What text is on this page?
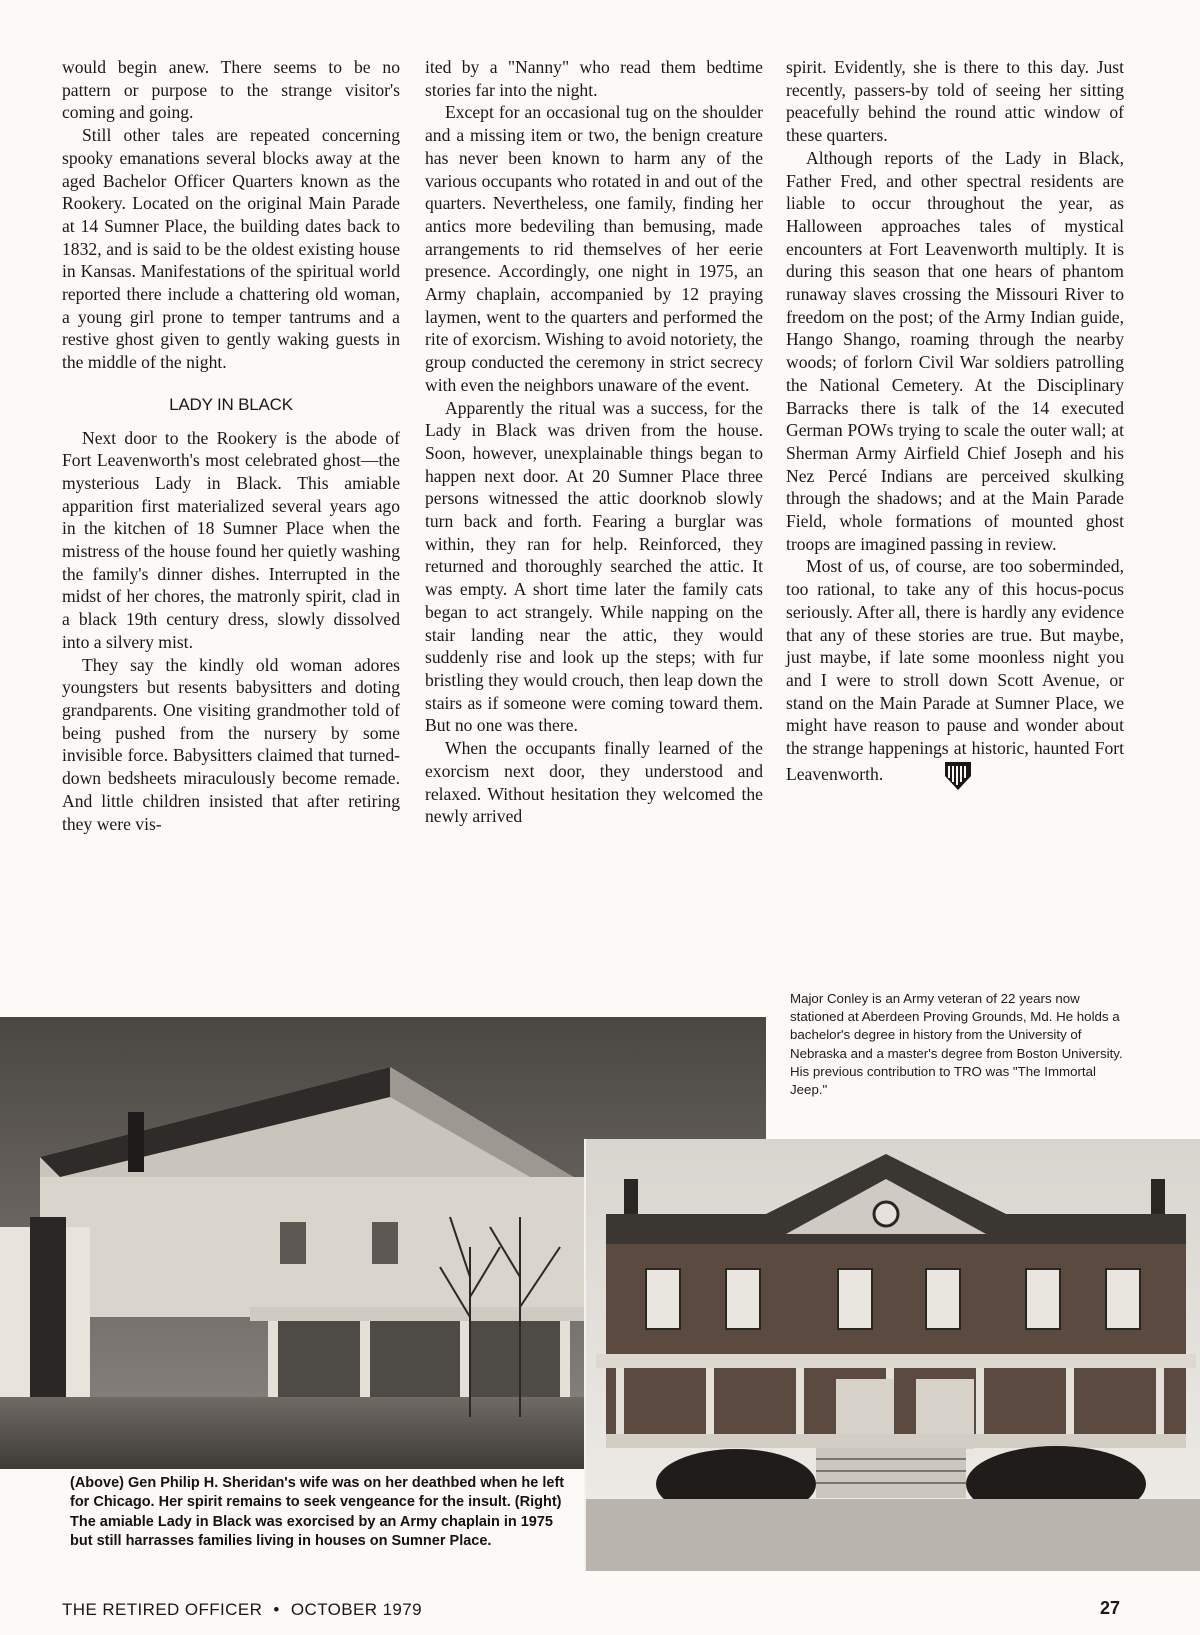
would begin anew. There seems to be no pattern or purpose to the strange visitor's coming and going.

Still other tales are repeated concerning spooky emanations several blocks away at the aged Bachelor Officer Quarters known as the Rookery. Located on the original Main Parade at 14 Sumner Place, the building dates back to 1832, and is said to be the oldest existing house in Kansas. Manifestations of the spiritual world reported there include a chattering old woman, a young girl prone to temper tantrums and a restive ghost given to gently waking guests in the middle of the night.

LADY IN BLACK

Next door to the Rookery is the abode of Fort Leavenworth's most celebrated ghost—the mysterious Lady in Black. This amiable apparition first materialized several years ago in the kitchen of 18 Sumner Place when the mistress of the house found her quietly washing the family's dinner dishes. Interrupted in the midst of her chores, the matronly spirit, clad in a black 19th century dress, slowly dissolved into a silvery mist.

They say the kindly old woman adores youngsters but resents babysitters and doting grandparents. One visiting grandmother told of being pushed from the nursery by some invisible force. Babysitters claimed that turned-down bedsheets miraculously become remade. And little children insisted that after retiring they were vis-

ited by a "Nanny" who read them bedtime stories far into the night.

Except for an occasional tug on the shoulder and a missing item or two, the benign creature has never been known to harm any of the various occupants who rotated in and out of the quarters. Nevertheless, one family, finding her antics more bedeviling than bemusing, made arrangements to rid themselves of her eerie presence. Accordingly, one night in 1975, an Army chaplain, accompanied by 12 praying laymen, went to the quarters and performed the rite of exorcism. Wishing to avoid notoriety, the group conducted the ceremony in strict secrecy with even the neighbors unaware of the event.

Apparently the ritual was a success, for the Lady in Black was driven from the house. Soon, however, unexplainable things began to happen next door. At 20 Sumner Place three persons witnessed the attic doorknob slowly turn back and forth. Fearing a burglar was within, they ran for help. Reinforced, they returned and thoroughly searched the attic. It was empty. A short time later the family cats began to act strangely. While napping on the stair landing near the attic, they would suddenly rise and look up the steps; with fur bristling they would crouch, then leap down the stairs as if someone were coming toward them. But no one was there.

When the occupants finally learned of the exorcism next door, they understood and relaxed. Without hesitation they welcomed the newly arrived

spirit. Evidently, she is there to this day. Just recently, passers-by told of seeing her sitting peacefully behind the round attic window of these quarters.

Although reports of the Lady in Black, Father Fred, and other spectral residents are liable to occur throughout the year, as Halloween approaches tales of mystical encounters at Fort Leavenworth multiply. It is during this season that one hears of phantom runaway slaves crossing the Missouri River to freedom on the post; of the Army Indian guide, Hango Shango, roaming through the nearby woods; of forlorn Civil War soldiers patrolling the National Cemetery. At the Disciplinary Barracks there is talk of the 14 executed German POWs trying to scale the outer wall; at Sherman Army Airfield Chief Joseph and his Nez Percé Indians are perceived skulking through the shadows; and at the Main Parade Field, whole formations of mounted ghost troops are imagined passing in review.

Most of us, of course, are too soberminded, too rational, to take any of this hocus-pocus seriously. After all, there is hardly any evidence that any of these stories are true. But maybe, just maybe, if late some moonless night you and I were to stroll down Scott Avenue, or stand on the Main Parade at Sumner Place, we might have reason to pause and wonder about the strange happenings at historic, haunted Fort Leavenworth.

Major Conley is an Army veteran of 22 years now stationed at Aberdeen Proving Grounds, Md. He holds a bachelor's degree in history from the University of Nebraska and a master's degree from Boston University. His previous contribution to TRO was "The Immortal Jeep."
(Above) Gen Philip H. Sheridan's wife was on her deathbed when he left for Chicago. Her spirit remains to seek vengeance for the insult. (Right) The amiable Lady in Black was exorcised by an Army chaplain in 1975 but still harrasses families living in houses on Sumner Place.
THE RETIRED OFFICER • OCTOBER 1979	27
